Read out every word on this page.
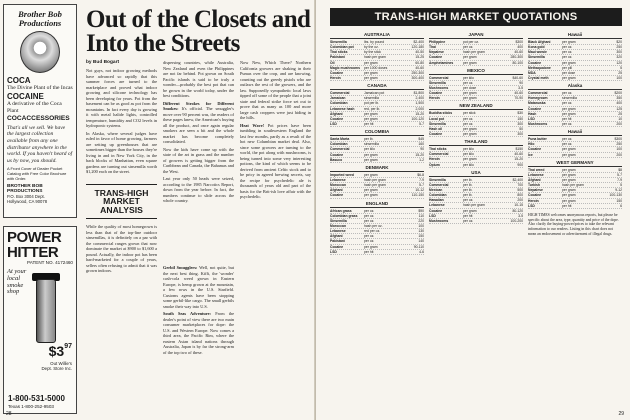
Brother Bob Productions
COCA
The Divine Plant of the Incas
COCAINE
A derivative of the Coca Plant
COCACCESSORIES
That's all we sell. We have the largest collection available from any one distributor anywhere in the world. If you haven't heard of us by now, you should.
A Front Cover of Dealer Pocket Catalog with Free Color Brochure with Order.
BROTHER BOB PRODUCTIONS
P.O. Box 3004 Dept.
Hollywood, CA 90078
POWER
HITTER
PATENT NO. 4172460
At your local smoke shop
$\$3^{97}$
Out Willie's
Dept. Store Inc.
1-800-531-5000
Texas 1-800-252-9503
Out of the Closets and Into the Streets
by Bud Bogart

Not guys, not indoor growing methods have advanced so rapidly that this summer forces are turned to the marketplace and proved what indoor growing and silicone technology has been developing for years. Pot from the basement can be as good as pot from the mountains. In fact every day is growing it with metal halide lights, controlled temperature, humidity and CO2 levels in hydroponic systems.

In Alaska, where several judges have ruled in favor of home growing, farmers are setting up greenhouses that are sometimes bigger than the houses they're living in and in New York City, in the back blocks of Manhattan, even square gardens are turning out sinsemilla worth $1,200 each on the street.

dispersing countries, while Australia, New Zealand and even the Philippines are not far behind. Pot grown on South Pacific islands is said to be truly a wonder—probably the best pot that can be grown in the world today, under the best conditions.

Different Strokes for Different Smokes: It's official. The smuggler's move over 90 percent was, the readers of these pages knew, the American's buying all the product, and once again regular smokers are seen a bit and the whole market has become completely consolidated.

Now the kids have come up with the state of the art in grass and the number of growers is getting bigger from the Caribbean and Canada, the Bahamas and the West.

Last year only 50 heads were seized, according to the 1985 Narcotics Report, down from the year before. In fact, the numbers continue to slide across the whole country.

Now New, Which There? Northern California growers are shaking in their Pumas over the crop, and are knowing, counting out the greedy pistols who are outlaws the rest of the growers, and the law. Supposedly sympathetic local laws tipped off some of the people that a joint state and federal strike force set out to prove that as many as 100 and more large cash croppers were just hiding in the hills.

Heat Wave! Pot prices have been tumbling in southwestern England the last few months, partly as a result of the hot new Columbian market deal. Also, since some growers are turning to the world, the pot along with mushrooms, is being turned into some very interesting potions, the kind of which seems to be derived from ancient Celtic stock and to be pricy in agreed brewing secrets, say the recipe for psychedelic ale is thousands of years old and part of the basis for the Brit-ish love affair with the psychedelic.

TRANS-HIGH MARKET ANALYSIS

While the quality of most homegrown is less than that of the top-line outdoor sinsemillas, it is definitely on a par with the commercial ranges grown that now dominate the market at $900 to $1,600 a pound. Actually, the indoor pot has been hard-marketed for a couple of years, sellers often refusing to admit that it was grown indoors.

Gerbil Smugglers: Well, not quite, but the next best thing. Kiffi, the 'wonder' cash-cola weed grown in Eastern Europe, is hemp grown at the mountain, a few rows in the U.S. Starfield. Customs agents have been stopping some gerbil-like cargo. The small gerbils smoke their way into U.S.

South Seas Adventure: From the dealer's point of view there are two main consumer marketplaces for dope: the U.S. and Western Europe. Now comes a third area, the Pacific Rim, where the eastern Asian island nations through Australia, Japan is by far the strong-arm of the top two of these.

28
TRANS-HIGH MARKET QUOTATIONS
AUSTRALIA
Sinsemilla	lbs. by pound	$2-400
Colombian pot	by the oz.	120-180
Thai sticks	by the stick	40-50
Pakistani	hash per gram	15-25
Oil	per gram	60-80
Magic mushrooms	per 1000 doses	40-60
Cocaine	per gram	250-300
Heroin	per gram	300-400
CANADA
Commercial	Jamaican pot	$1,800
Jamaican	sinsemilla	2,400
Colombian	pot per lb.	1,500
Lebanese hash	red, per lb.	2,000
Afghani	per gram	15-20
Cocaine	per gram	100-120
LSD	per hit	5-7
COLOMBIA
Santa Marta	per lb.	$45
Colombian	sinsemilla	160
Commercial	per kilo	90
Cocaine	per gram	15-20
Basuco	per gram	1-2
DENMARK
Imported weed	per gram	$6-8
Lebanese	hash per gram	7-9
Moroccan	hash per gram	5-7
Afghani	per gram	10-12
Cocaine	per gram	110-150
ENGLAND
African grass	per oz.	$90
Colombian grass	per oz.	110
Sinsemilla	per oz.	220
Moroccan	hash per oz.	100
Lebanese	red per oz.	130
Afghani	per oz.	150
Pakistani	per oz.	140
Cocaine	per gram	90-110
LSD	per hit	4-6
JAPAN
Philippine	pot per oz.	$300
Thai	per oz.	400
Nepalese	hash per gram	40-60
Cocaine	per gram	280-300
Amphetamines	per gram	80-100
MEXICO
Commercial	per kilo	$40-60
Sinsemilla	per oz.	90
Mushrooms	per dose	3-5
Cocaine	per gram	40-60
Heroin	per gram	70-90
NEW ZEALAND
Buddha sticks	per stick	$30
Local pot	per oz.	150
Sinsemilla	per oz.	300
Hash oil	per gram	50
Cocaine	per gram	300
THAILAND
Thai sticks	per kilo	$150
Commercial	per kilo	40-60
Heroin	per gram	15-20
Opium	per kilo	900
USA
Sinsemilla	per lb.	$2,400
Commercial	per lb.	700
Mexican	per lb.	500
Colombian	per lb.	800
Hawaiian	per oz.	200
Lebanese	hash per gram	10-15
Cocaine	per gram	80-120
LSD	per hit	3-5
Mushrooms	per oz.	100-200
Hawaii
Black Afghani	per gram	$20
Kona gold	per oz.	250
Maui wowie	per oz.	300
Sinsemilla	per oz.	320
Cocaine	per gram	120
Methaqualone	per pill	5
MDA	per dose	25
Crystal meth	per gram	100
Alaska
Commercial	per oz.	$200
Homegrown	sinsemilla	350
Matanuska	per oz.	400
Cocaine	per gram	125
Hash	per gram	25
LSD	per hit	10
Mushrooms	per oz.	200
Hawaii
Puna butter	per oz.	$300
Hilo	per oz.	250
Cocaine	per gram	100
Ice	per gram	200
WEST GERMANY
Thai weed	per gram	$8
Lebanese	per gram	5-7
Afghani	per gram	7-9
Turkish	hash per gram	5
Nepalese	per gram	9-12
Cocaine	per gram	100-130
Heroin	per gram	150
LSD	per hit	6
HIGH TIMES welcomes anonymous reports, but please be specific about the area, type, quantity and price of the dope. Also clarify the buying-power/prices to take the relevant information to our readers. Listing in this chart does not mean an endorsement or advertisement of illegal drugs.
29
